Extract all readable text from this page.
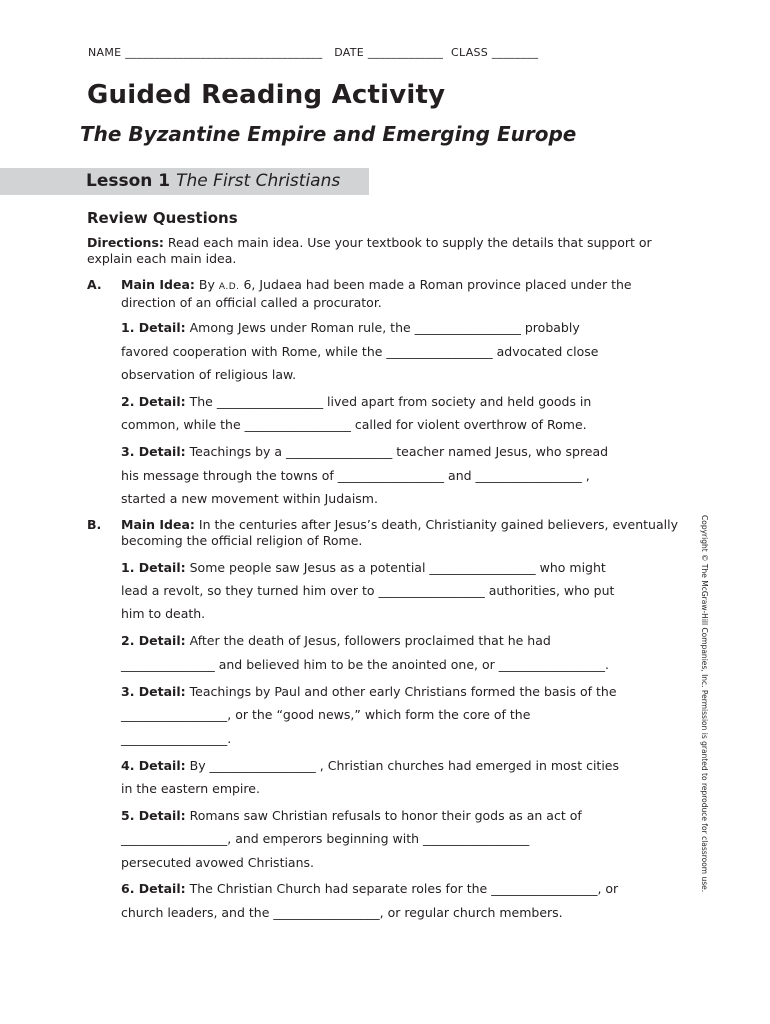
NAME __________________________________ DATE _____________ CLASS ________
Guided Reading Activity
The Byzantine Empire and Emerging Europe
Lesson 1 The First Christians
Review Questions

Directions: Read each main idea. Use your textbook to supply the details that support or explain each main idea.

A. Main Idea: By A.D. 6, Judaea had been made a Roman province placed under the direction of an official called a procurator.

1. Detail: Among Jews under Roman rule, the _________________ probably
favored cooperation with Rome, while the _________________ advocated close
observation of religious law.
2. Detail: The _________________ lived apart from society and held goods in
common, while the _________________ called for violent overthrow of Rome.
3. Detail: Teachings by a _________________ teacher named Jesus, who spread
his message through the towns of _________________ and _________________ ,
started a new movement within Judaism.
B. Main Idea: In the centuries after Jesus’s death, Christianity gained believers, eventually becoming the official religion of Rome.

1. Detail: Some people saw Jesus as a potential _________________ who might
lead a revolt, so they turned him over to _________________ authorities, who put
him to death.
2. Detail: After the death of Jesus, followers proclaimed that he had
_______________ and believed him to be the anointed one, or _________________.
3. Detail: Teachings by Paul and other early Christians formed the basis of the
_________________, or the “good news,” which form the core of the
_________________.
4. Detail: By _________________ , Christian churches had emerged in most cities
in the eastern empire.
5. Detail: Romans saw Christian refusals to honor their gods as an act of
_________________, and emperors beginning with _________________
persecuted avowed Christians.
6. Detail: The Christian Church had separate roles for the _________________, or
church leaders, and the _________________, or regular church members.
Copyright © The McGraw-Hill Companies, Inc. Permission is granted to reproduce for classroom use.
